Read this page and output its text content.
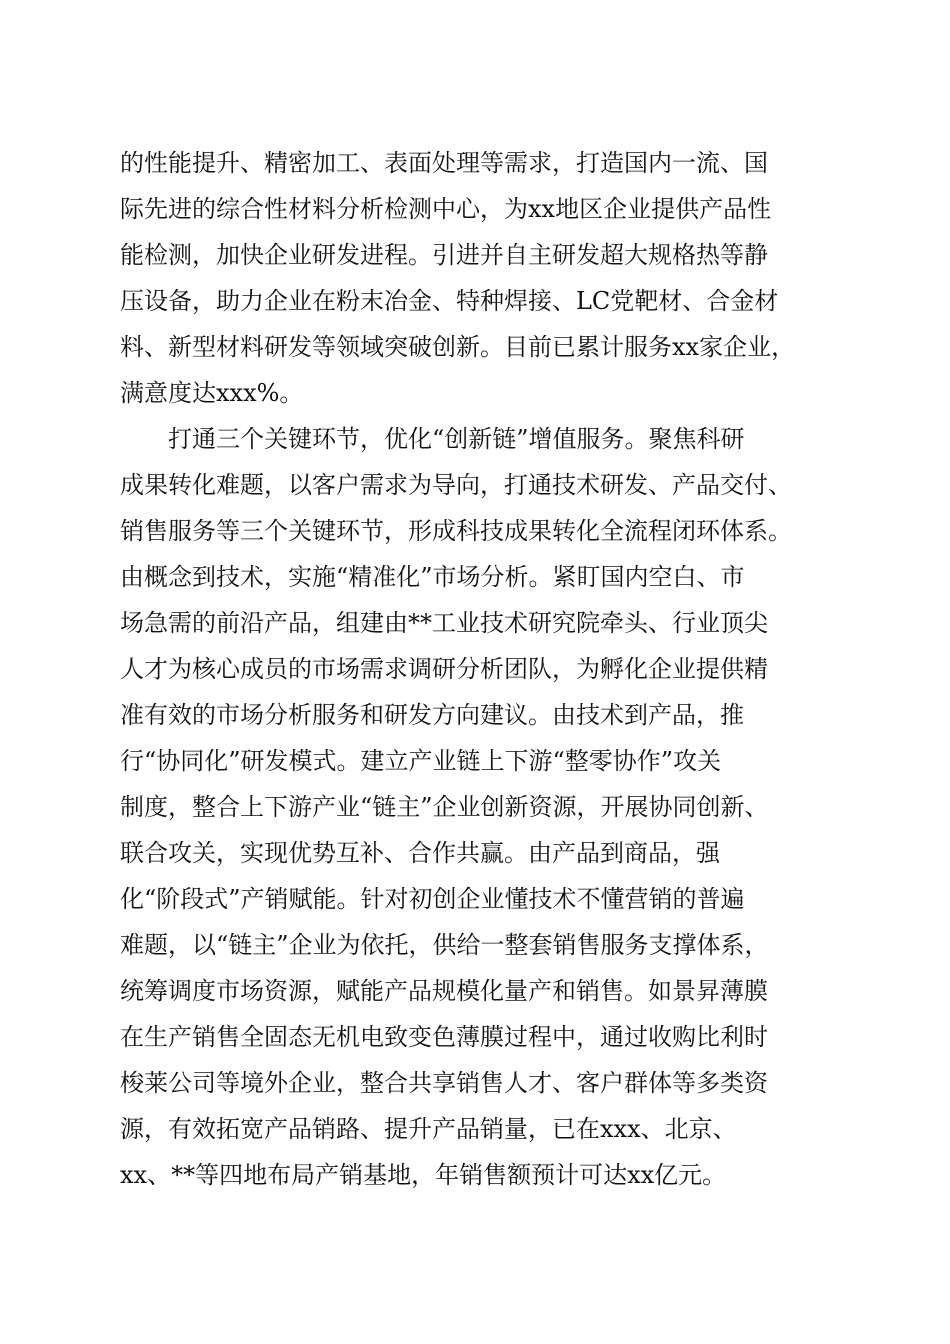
的性能提升、精密加工、表面处理等需求，打造国内一流、国
际先进的综合性材料分析检测中心，为xx地区企业提供产品性
能检测，加快企业研发进程。引进并自主研发超大规格热等静
压设备，助力企业在粉末冶金、特种焊接、LC党靶材、合金材
料、新型材料研发等领域突破创新。目前已累计服务xx家企业，
满意度达xxx%。
打通三个关键环节，优化“创新链”增值服务。聚焦科研
成果转化难题，以客户需求为导向，打通技术研发、产品交付、
销售服务等三个关键环节，形成科技成果转化全流程闭环体系。
由概念到技术，实施“精准化”市场分析。紧盯国内空白、市
场急需的前沿产品，组建由**工业技术研究院牵头、行业顶尖
人才为核心成员的市场需求调研分析团队，为孵化企业提供精
准有效的市场分析服务和研发方向建议。由技术到产品，推
行“协同化”研发模式。建立产业链上下游“整零协作”攻关
制度，整合上下游产业“链主”企业创新资源，开展协同创新、
联合攻关，实现优势互补、合作共赢。由产品到商品，强
化“阶段式”产销赋能。针对初创企业懂技术不懂营销的普遍
难题，以“链主”企业为依托，供给一整套销售服务支撑体系，
统筹调度市场资源，赋能产品规模化量产和销售。如景昇薄膜
在生产销售全固态无机电致变色薄膜过程中，通过收购比利时
梭莱公司等境外企业，整合共享销售人才、客户群体等多类资
源，有效拓宽产品销路、提升产品销量，已在xxx、北京、
xx、**等四地布局产销基地，年销售额预计可达xx亿元。
